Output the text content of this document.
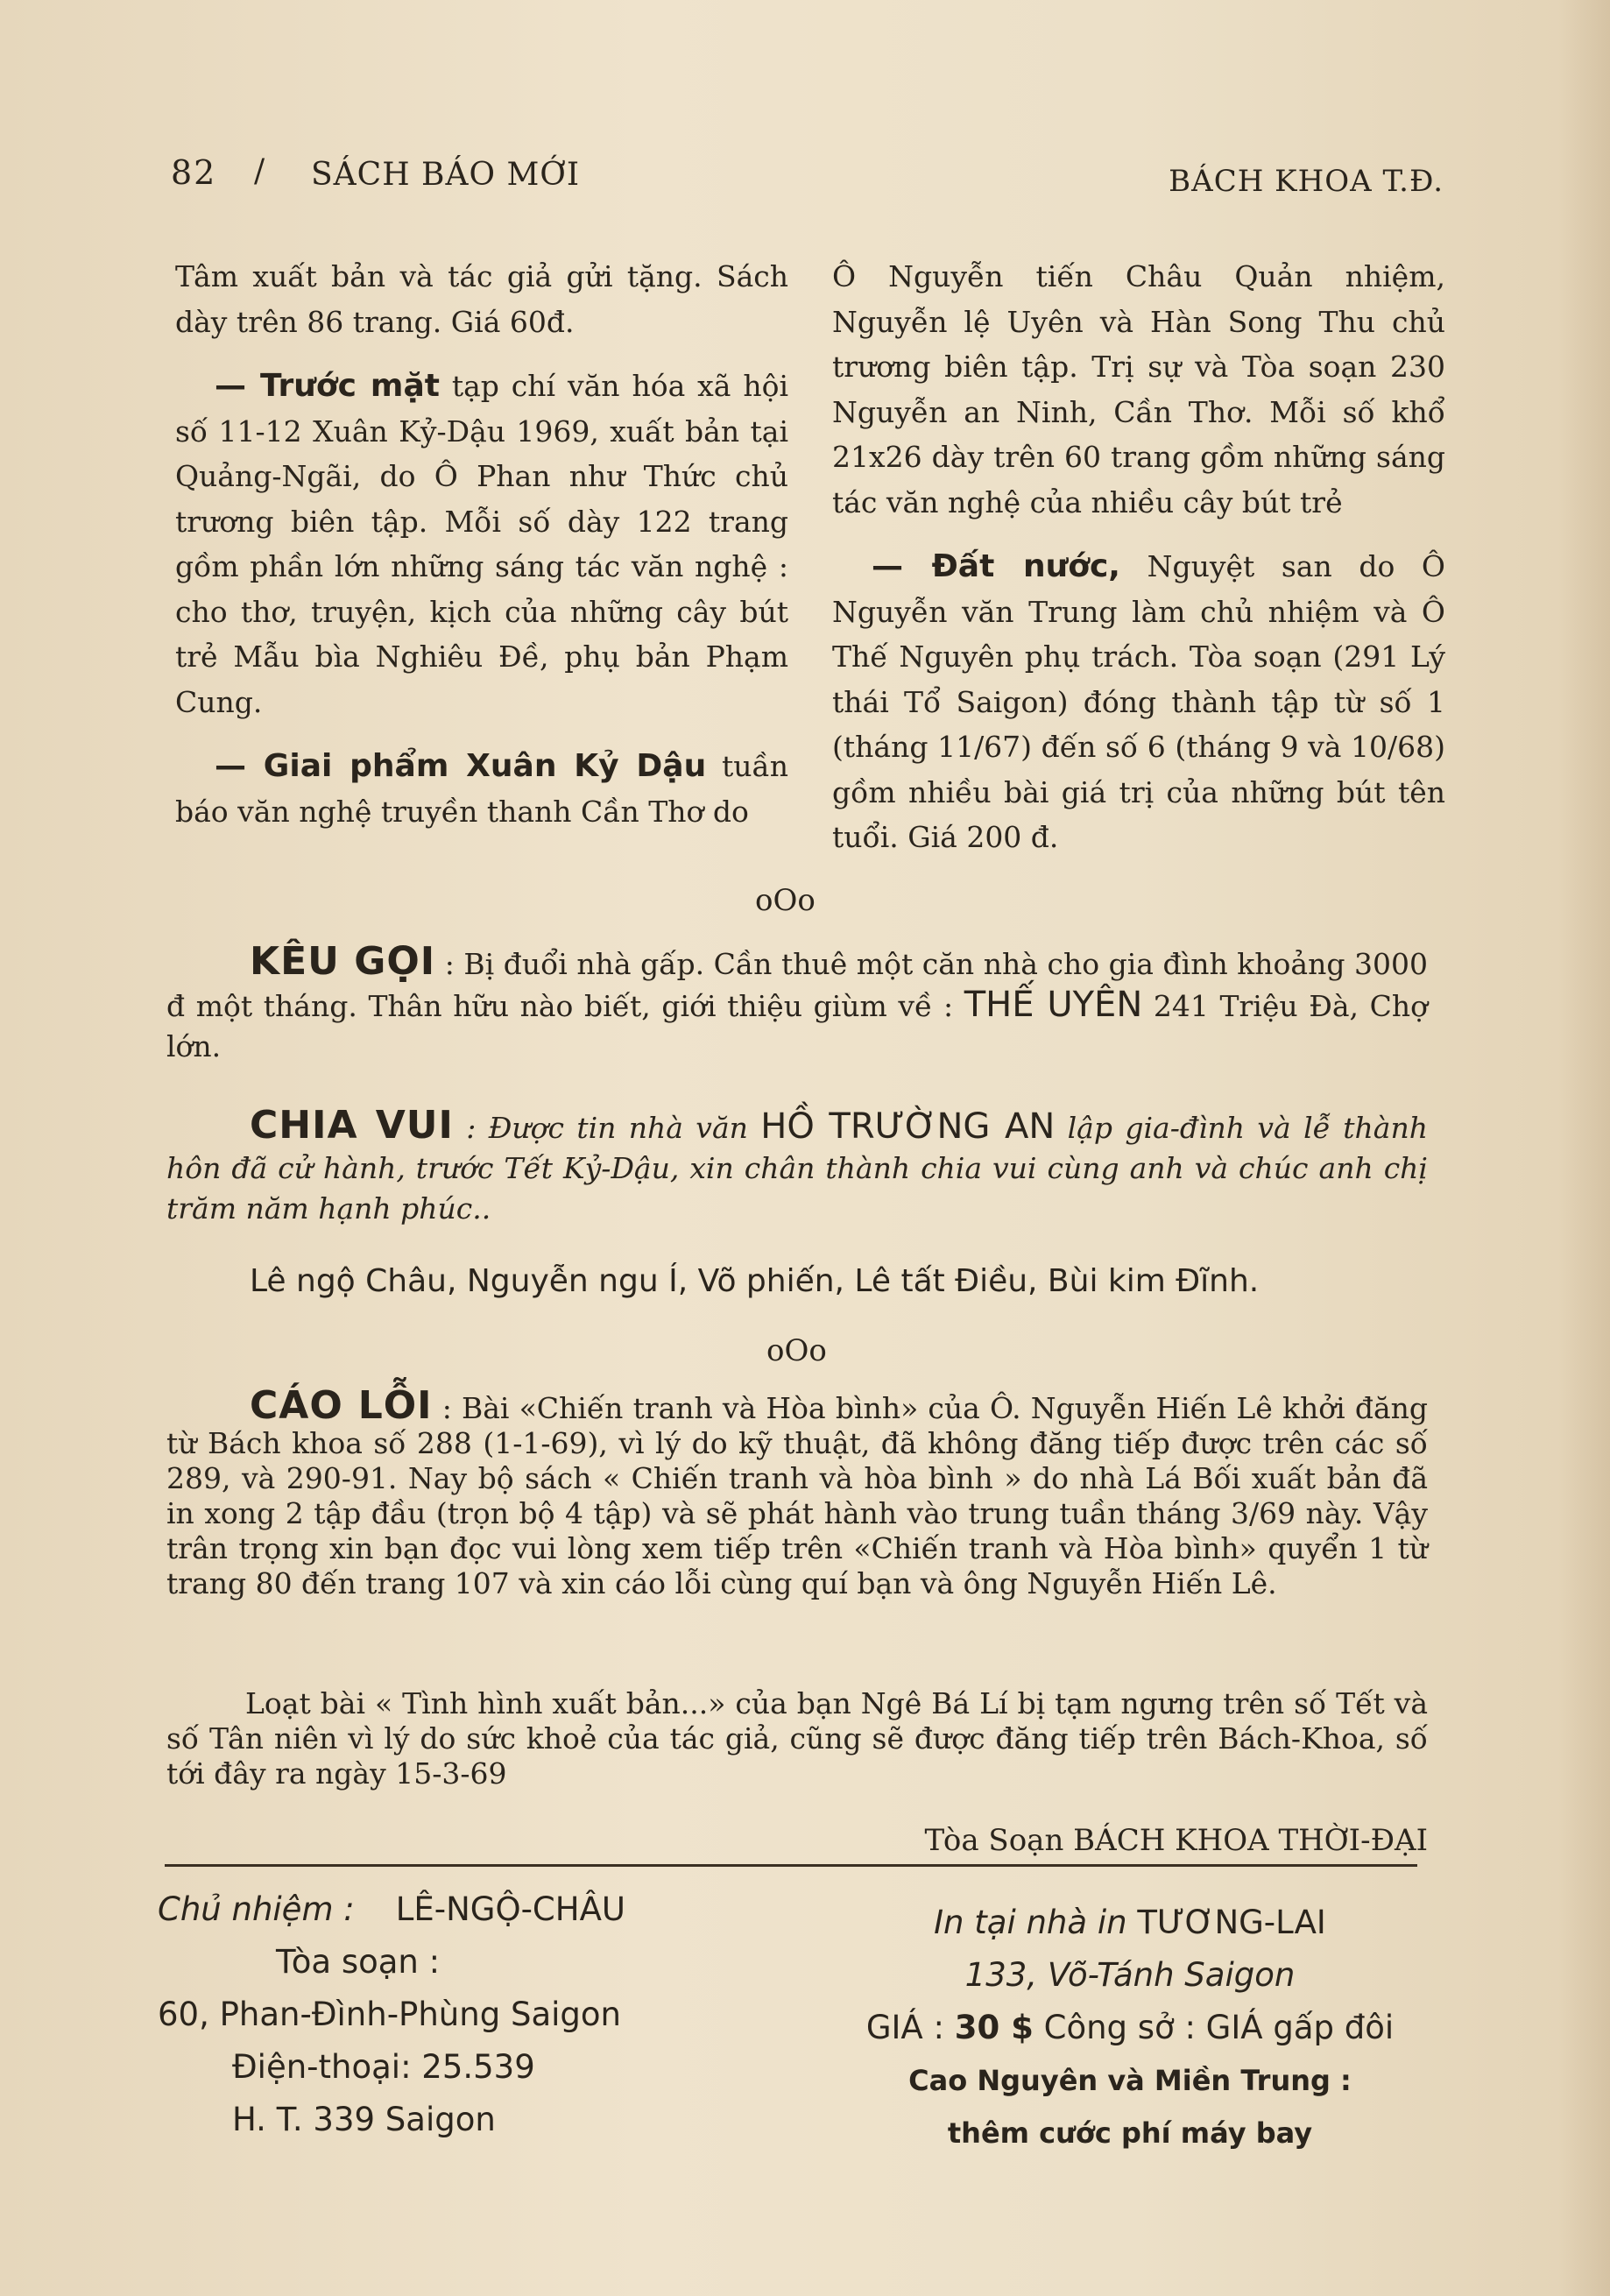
82 / SÁCH BÁO MỚI	BÁCH KHOA T.Đ.

Tâm xuất bản và tác giả gửi tặng. Sách dày trên 86 trang. Giá 60đ.

— Trước mặt tạp chí văn hóa xã hội số 11-12 Xuân Kỷ-Dậu 1969, xuất bản tại Quảng-Ngãi, do Ô Phan như Thức chủ trương biên tập. Mỗi số dày 122 trang gồm phần lớn những sáng tác văn nghệ : cho thơ, truyện, kịch của những cây bút trẻ Mẫu bìa Nghiêu Đề, phụ bản Phạm Cung.

— Giai phẩm Xuân Kỷ Dậu tuần báo văn nghệ truyền thanh Cần Thơ do

Ô Nguyễn tiến Châu Quản nhiệm, Nguyễn lệ Uyên và Hàn Song Thu chủ trương biên tập. Trị sự và Tòa soạn 230 Nguyễn an Ninh, Cần Thơ. Mỗi số khổ 21x26 dày trên 60 trang gồm những sáng tác văn nghệ của nhiều cây bút trẻ

— Đất nước, Nguyệt san do Ô Nguyễn văn Trung làm chủ nhiệm và Ô Thế Nguyên phụ trách. Tòa soạn (291 Lý thái Tổ Saigon) đóng thành tập từ số 1 (tháng 11/67) đến số 6 (tháng 9 và 10/68) gồm nhiều bài giá trị của những bút tên tuổi. Giá 200 đ.

oOo
KÊU GỌI : Bị đuổi nhà gấp. Cần thuê một căn nhà cho gia đình khoảng 3000 đ một tháng. Thân hữu nào biết, giới thiệu giùm về : THẾ UYÊN 241 Triệu Đà, Chợ lớn.
CHIA VUI : Được tin nhà văn HỒ TRƯỜNG AN lập gia-đình và lễ thành hôn đã cử hành, trước Tết Kỷ-Dậu, xin chân thành chia vui cùng anh và chúc anh chị trăm năm hạnh phúc..
Lê ngộ Châu, Nguyễn ngu Í, Võ phiến, Lê tất Điều, Bùi kim Đĩnh.
oOo
CÁO LỖI : Bài «Chiến tranh và Hòa bình» của Ô. Nguyễn Hiến Lê khởi đăng từ Bách khoa số 288 (1-1-69), vì lý do kỹ thuật, đã không đăng tiếp được trên các số 289, và 290-91. Nay bộ sách « Chiến tranh và hòa bình » do nhà Lá Bối xuất bản đã in xong 2 tập đầu (trọn bộ 4 tập) và sẽ phát hành vào trung tuần tháng 3/69 này. Vậy trân trọng xin bạn đọc vui lòng xem tiếp trên «Chiến tranh và Hòa bình» quyển 1 từ trang 80 đến trang 107 và xin cáo lỗi cùng quí bạn và ông Nguyễn Hiến Lê.
Loạt bài « Tình hình xuất bản...» của bạn Ngê Bá Lí bị tạm ngưng trên số Tết và số Tân niên vì lý do sức khoẻ của tác giả, cũng sẽ được đăng tiếp trên Bách-Khoa, số tới đây ra ngày 15-3-69
Tòa Soạn BÁCH KHOA THỜI-ĐẠI
Chủ nhiệm : LÊ-NGỘ-CHÂU
Tòa soạn :
60, Phan-Đình-Phùng Saigon
Điện-thoại: 25.539
H. T. 339 Saigon
In tại nhà in TƯƠNG-LAI
133, Võ-Tánh Saigon
GIÁ : 30 $ Công sở : GIÁ gấp đôi
Cao Nguyên và Miền Trung :
thêm cước phí máy bay
